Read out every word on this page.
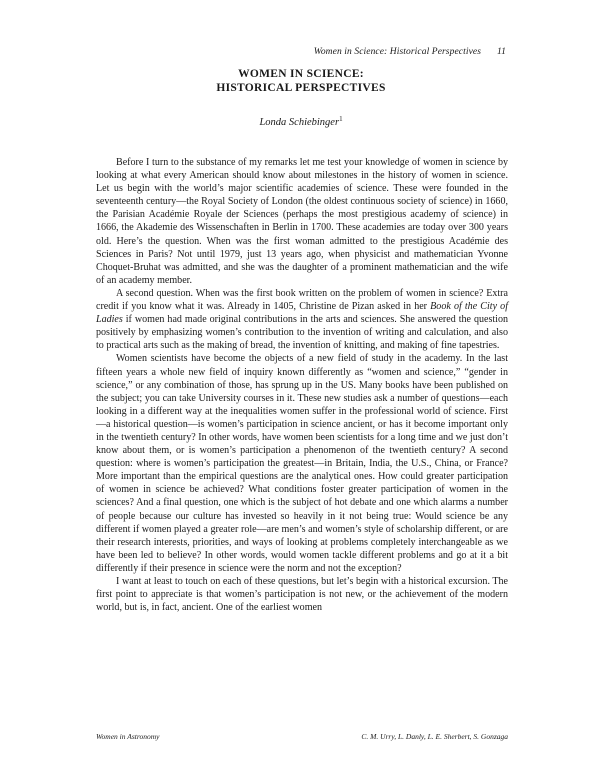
Women in Science: Historical Perspectives 11
WOMEN IN SCIENCE:
HISTORICAL PERSPECTIVES
Londa Schiebinger$^1$

Before I turn to the substance of my remarks let me test your knowledge of women in science by looking at what every American should know about milestones in the history of women in science. Let us begin with the world’s major scientific academies of science. These were founded in the seventeenth century—the Royal Society of London (the oldest continuous society of science) in 1660, the Parisian Académie Royale der Sciences (perhaps the most prestigious academy of science) in 1666, the Akademie des Wissenschaften in Berlin in 1700. These academies are today over 300 years old. Here’s the question. When was the first woman admitted to the prestigious Académie des Sciences in Paris? Not until 1979, just 13 years ago, when physicist and mathematician Yvonne Choquet-Bruhat was admitted, and she was the daughter of a prominent mathematician and the wife of an academy member.

A second question. When was the first book written on the problem of women in science? Extra credit if you know what it was. Already in 1405, Christine de Pizan asked in her Book of the City of Ladies if women had made original contributions in the arts and sciences. She answered the question positively by emphasizing women’s contribution to the invention of writing and calculation, and also to practical arts such as the making of bread, the invention of knitting, and making of fine tapestries.

Women scientists have become the objects of a new field of study in the academy. In the last fifteen years a whole new field of inquiry known differently as “women and science,” “gender in science,” or any combination of those, has sprung up in the US. Many books have been published on the subject; you can take University courses in it. These new studies ask a number of questions—each looking in a different way at the inequalities women suffer in the professional world of science. First—a historical question—is women’s participation in science ancient, or has it become important only in the twentieth century? In other words, have women been scientists for a long time and we just don’t know about them, or is women’s participation a phenomenon of the twentieth century? A second question: where is women’s participation the greatest—in Britain, India, the U.S., China, or France? More important than the empirical questions are the analytical ones. How could greater participation of women in science be achieved? What conditions foster greater participation of women in the sciences? And a final question, one which is the subject of hot debate and one which alarms a number of people because our culture has invested so heavily in it not being true: Would science be any different if women played a greater role—are men’s and women’s style of scholarship different, or are their research interests, priorities, and ways of looking at problems completely interchangeable as we have been led to believe? In other words, would women tackle different problems and go at it a bit differently if their presence in science were the norm and not the exception?

I want at least to touch on each of these questions, but let’s begin with a historical excursion. The first point to appreciate is that women’s participation is not new, or the achievement of the modern world, but is, in fact, ancient. One of the earliest women

Women in Astronomy	C. M. Urry, L. Danly, L. E. Sherbert, S. Gonzaga
